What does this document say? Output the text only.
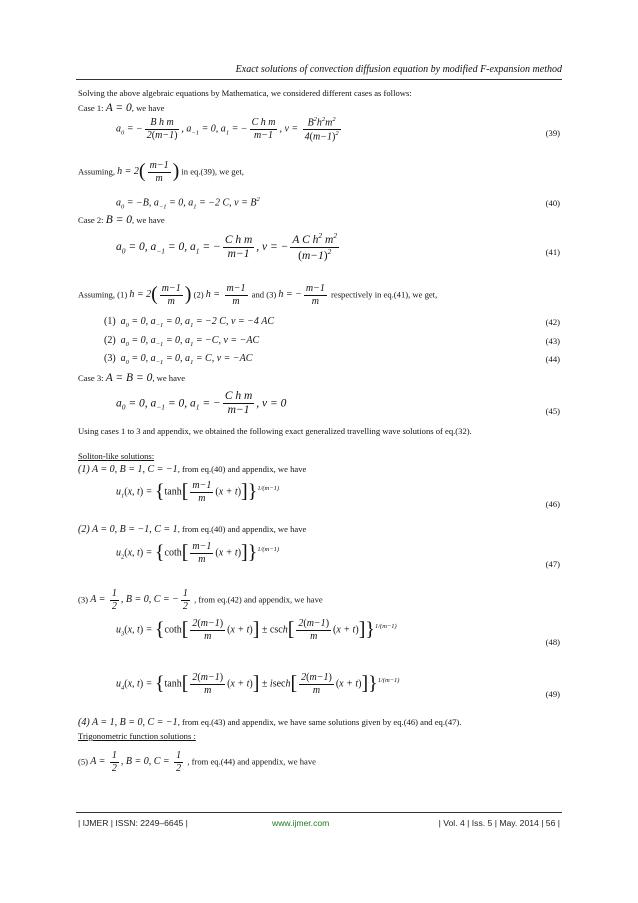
Exact solutions of convection diffusion equation by modified F-expansion method
Solving the above algebraic equations by Mathematica, we considered different cases as follows:
Case 1: A = 0, we have
$a_0$ = − $\frac{\text{B h m}}{2(m-1)}$ , $a_{-1} = 0$, $a_1$ = − $\frac{\text{C h m}}{m-1}$ , $v = \frac{B^2h^2m^2}{4(m-1)^2}$	(39)
Assuming, $h = 2( \frac{m-1}{m}$ ) in eq.(39), we get,
$a_0 = -B$, $a_{-1} = 0$, $a_1 = -2$ C, $v = B^2$	(40)
Case 2: B = 0, we have
$a_0 = 0$, $a_{-1} = 0$, $a_1$ = − $\frac{\text{C h m}}{m-1}$ , v = − $\frac{A C h^2 m^2}{(m-1)^2}$	(41)
Assuming, (1) $h = 2( \frac{m-1}{m}$ ) (2) $h = \frac{m-1}{m}$ and (3) h = − $\frac{m-1}{m}$ respectively in eq.(41), we get,
(1)  $a_0 = 0$, $a_{-1} = 0$, $a_1 = -2$ C, v = −4 AC	(42)
(2)  $a_0 = 0$, $a_{-1} = 0$, $a_1 = -C$, v = −AC	(43)
(3)  $a_0 = 0$, $a_{-1} = 0$, $a_1 = C$, v = −AC	(44)
Case 3: A = B = 0, we have
$a_0 = 0$, $a_{-1} = 0$, $a_1$ = − $\frac{\text{C h m}}{m-1}$ , v = 0
(45)
Using cases 1 to 3 and appendix, we obtained the following exact generalized travelling wave solutions of eq.(32).
Soliton-like solutions:
(1) A = 0, B = 1, C = −1, from eq.(40) and appendix, we have
$u_1(x$, $t) = \{\tanh[ \frac{m-1}{m} (x + t)]\}^{1/(m-1)}$
(46)
(2) A = 0, B = −1, C = 1, from eq.(40) and appendix, we have
$u_2(x$, $t) = \{\cot h[ \frac{m-1}{m} (x + t)]\}^{1/(m-1)}$
(47)
(3) $A = \frac{1}{2}$ , B = 0, C = − $\frac{1}{2}$ , from eq.(42) and appendix, we have
$u_3(x$, $t) = \{\cot h[ \frac{2(m-1)}{m} (x + t)] \pm \csc h[ \frac{2(m-1)}{m} (x + t)]\}^{1/(m-1)}$
(48)
$u_4(x$, $t) = \{\tanh[ \frac{2(m-1)}{m} (x + t)] \pm isech[ \frac{2(m-1)}{m} (x + t)]\}^{1/(m-1)}$
(49)
(4) A = 1, B = 0, C = −1, from eq.(43) and appendix, we have same solutions given by eq.(46) and eq.(47).
Trigonometric function solutions :
(5) $A = \frac{1}{2}$ , B = 0, $C = \frac{1}{2}$ , from eq.(44) and appendix, we have
| IJMER | ISSN: 2249–6645 |	www.ijmer.com	| Vol. 4 | Iss. 5 | May. 2014 | 56 |
